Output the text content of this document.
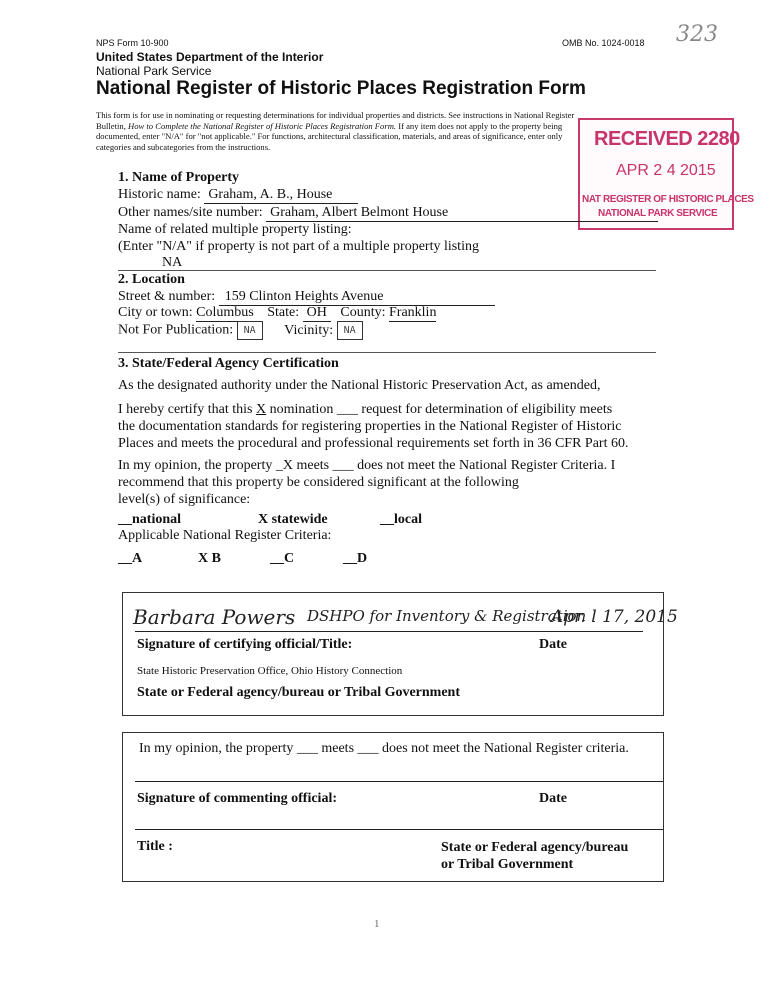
NPS Form 10-900	OMB No. 1024-0018 323
United States Department of the Interior
National Park Service
National Register of Historic Places Registration Form
This form is for use in nominating or requesting determinations for individual properties and districts. See instructions in National Register
Bulletin, How to Complete the National Register of Historic Places Registration Form. If any item does not apply to the property being
documented, enter "N/A" for "not applicable." For functions, architectural classification, materials, and areas of significance, enter only
categories and subcategories from the instructions.	RECEIVED 2280
APR 2 4 2015
NAT REGISTER OF HISTORIC PLACES
NATIONAL PARK SERVICE
1. Name of Property
Historic name: Graham, A. B., House
Other names/site number: Graham, Albert Belmont House
Name of related multiple property listing:
(Enter "N/A" if property is not part of a multiple property listing
NA
2. Location
Street & number: 159 Clinton Heights Avenue
City or town: Columbus State: OH County: Franklin
Not For Publication: NA Vicinity: NA
3. State/Federal Agency Certification
As the designated authority under the National Historic Preservation Act, as amended,
I hereby certify that this X nomination ___ request for determination of eligibility meets
the documentation standards for registering properties in the National Register of Historic
Places and meets the procedural and professional requirements set forth in 36 CFR Part 60.
In my opinion, the property _X meets ___ does not meet the National Register Criteria. I
recommend that this property be considered significant at the following
level(s) of significance:
__national	X statewide	__local
Applicable National Register Criteria:
__A	X B	__C	__D
Barbara Powers DSHPO for Inventory & Registration
Apr. l 17, 2015
Signature of certifying official/Title:	Date
State Historic Preservation Office, Ohio History Connection
State or Federal agency/bureau or Tribal Government
In my opinion, the property ___ meets ___ does not meet the National Register criteria.
Signature of commenting official:	Date
Title :	State or Federal agency/bureau
or Tribal Government
1
